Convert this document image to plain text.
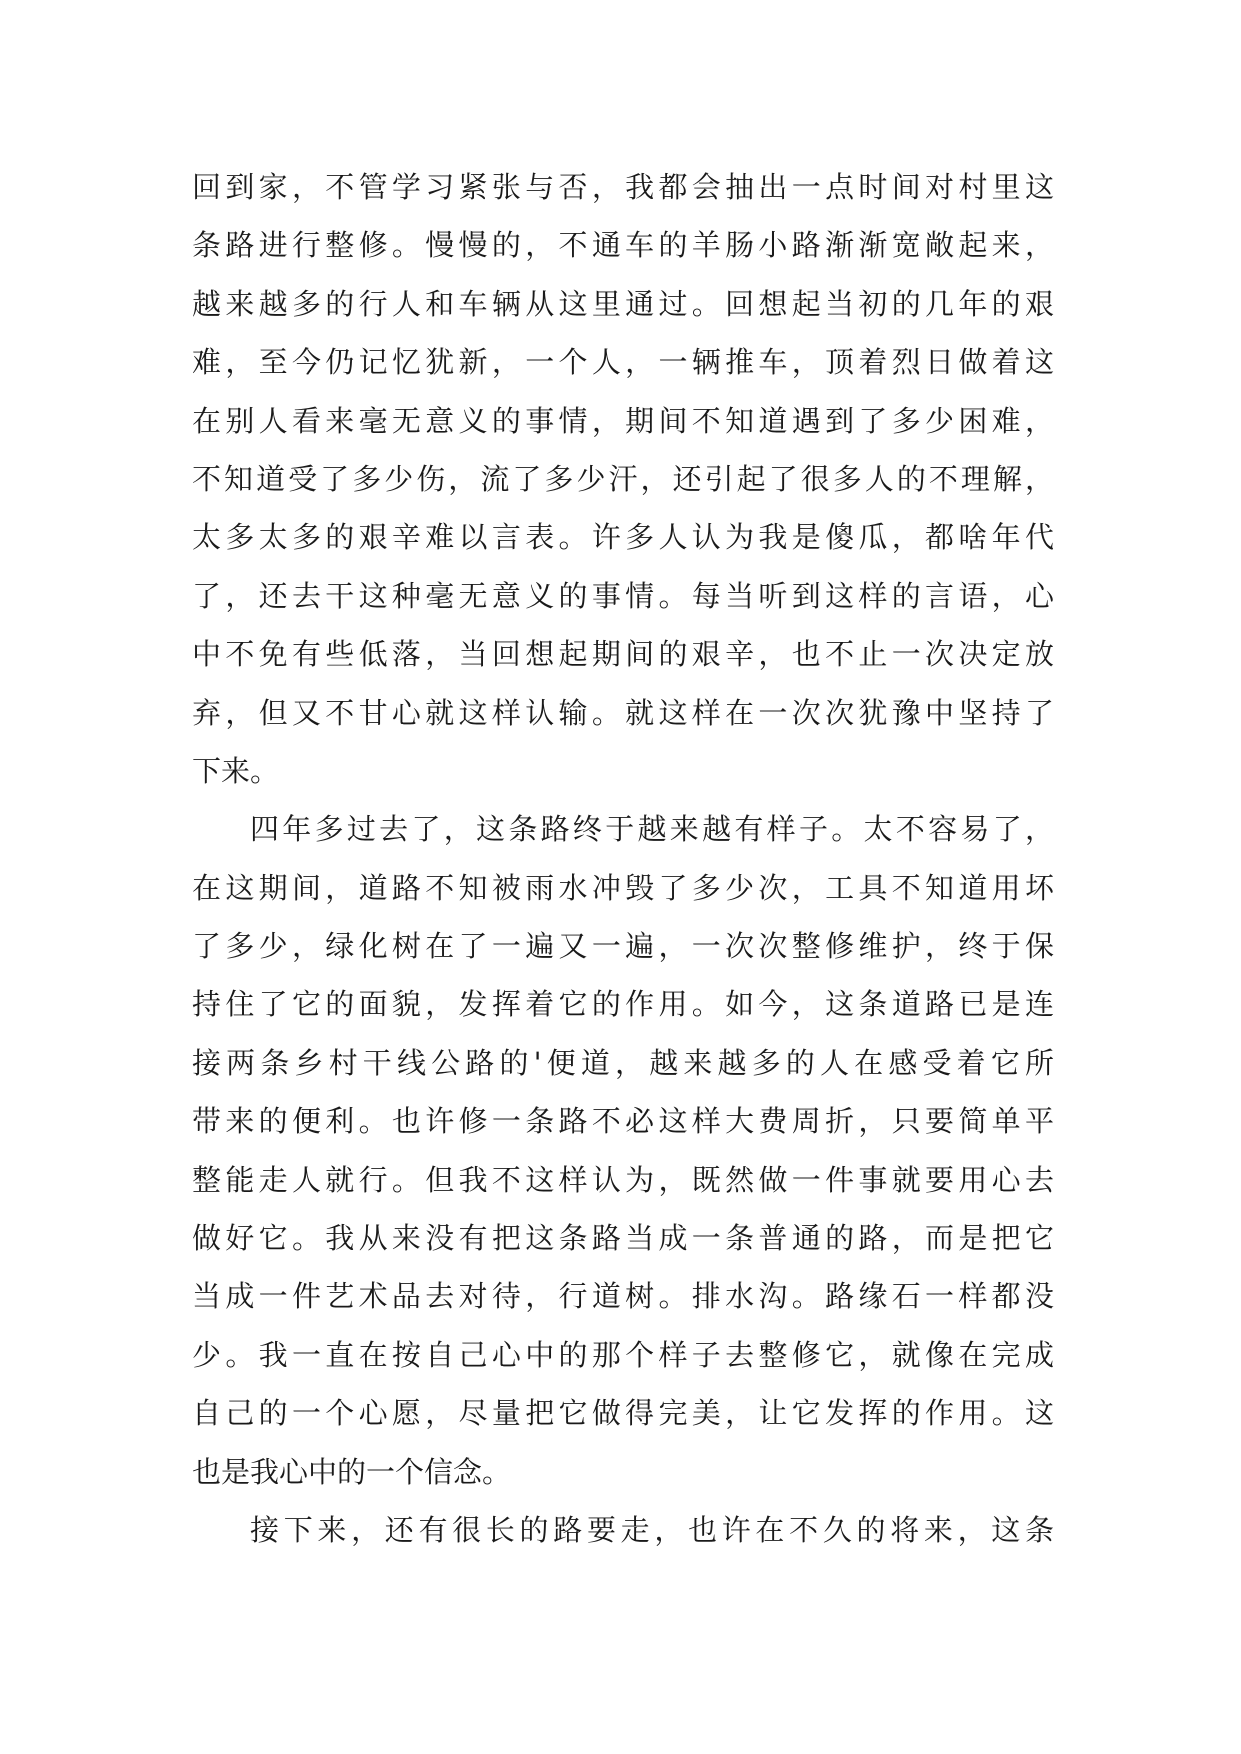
回到家，不管学习紧张与否，我都会抽出一点时间对村里这
条路进行整修。慢慢的，不通车的羊肠小路渐渐宽敞起来，
越来越多的行人和车辆从这里通过。回想起当初的几年的艰
难，至今仍记忆犹新，一个人，一辆推车，顶着烈日做着这
在别人看来毫无意义的事情，期间不知道遇到了多少困难，
不知道受了多少伤，流了多少汗，还引起了很多人的不理解，
太多太多的艰辛难以言表。许多人认为我是傻瓜，都啥年代
了，还去干这种毫无意义的事情。每当听到这样的言语，心
中不免有些低落，当回想起期间的艰辛，也不止一次决定放
弃，但又不甘心就这样认输。就这样在一次次犹豫中坚持了
下来。
四年多过去了，这条路终于越来越有样子。太不容易了，
在这期间，道路不知被雨水冲毁了多少次，工具不知道用坏
了多少，绿化树在了一遍又一遍，一次次整修维护，终于保
持住了它的面貌，发挥着它的作用。如今，这条道路已是连
接两条乡村干线公路的'便道，越来越多的人在感受着它所
带来的便利。也许修一条路不必这样大费周折，只要简单平
整能走人就行。但我不这样认为，既然做一件事就要用心去
做好它。我从来没有把这条路当成一条普通的路，而是把它
当成一件艺术品去对待，行道树。排水沟。路缘石一样都没
少。我一直在按自己心中的那个样子去整修它，就像在完成
自己的一个心愿，尽量把它做得完美，让它发挥的作用。这
也是我心中的一个信念。
接下来，还有很长的路要走，也许在不久的将来，这条
